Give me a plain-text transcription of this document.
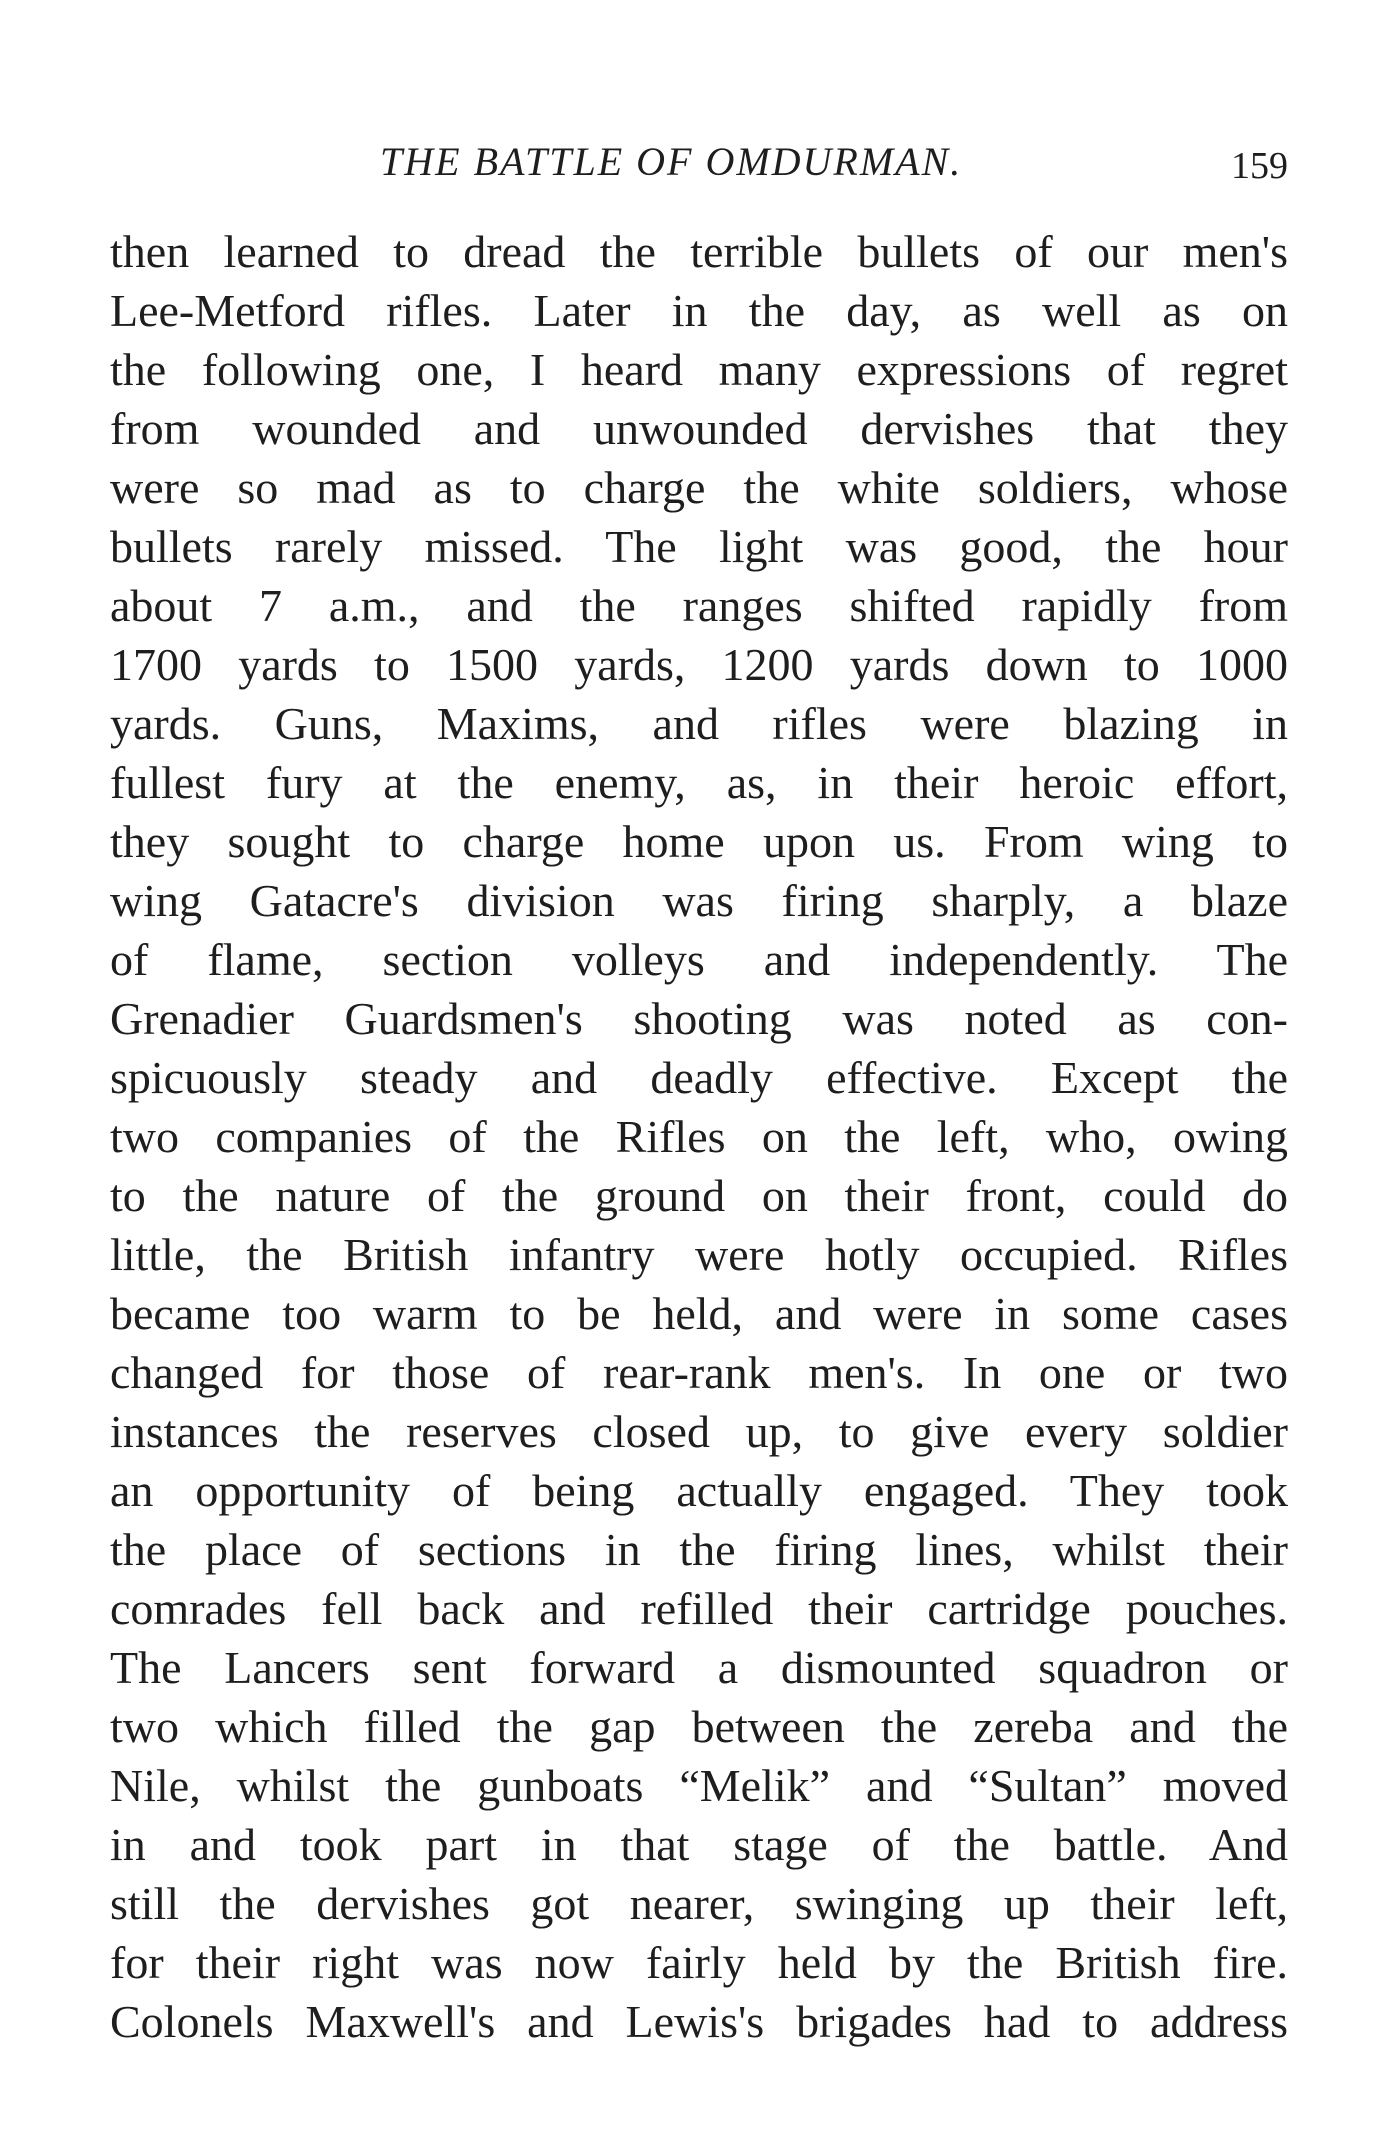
THE BATTLE OF OMDURMAN.	159
then learned to dread the terrible bullets of our men's
Lee-Metford rifles. Later in the day, as well as on
the following one, I heard many expressions of regret
from wounded and unwounded dervishes that they
were so mad as to charge the white soldiers, whose
bullets rarely missed. The light was good, the hour
about 7 a.m., and the ranges shifted rapidly from
1700 yards to 1500 yards, 1200 yards down to 1000
yards. Guns, Maxims, and rifles were blazing in
fullest fury at the enemy, as, in their heroic effort,
they sought to charge home upon us. From wing to
wing Gatacre's division was firing sharply, a blaze
of flame, section volleys and independently. The
Grenadier Guardsmen's shooting was noted as con-
spicuously steady and deadly effective. Except the
two companies of the Rifles on the left, who, owing
to the nature of the ground on their front, could do
little, the British infantry were hotly occupied. Rifles
became too warm to be held, and were in some cases
changed for those of rear-rank men's. In one or two
instances the reserves closed up, to give every soldier
an opportunity of being actually engaged. They took
the place of sections in the firing lines, whilst their
comrades fell back and refilled their cartridge pouches.
The Lancers sent forward a dismounted squadron or
two which filled the gap between the zereba and the
Nile, whilst the gunboats “Melik” and “Sultan” moved
in and took part in that stage of the battle. And
still the dervishes got nearer, swinging up their left,
for their right was now fairly held by the British fire.
Colonels Maxwell's and Lewis's brigades had to address
